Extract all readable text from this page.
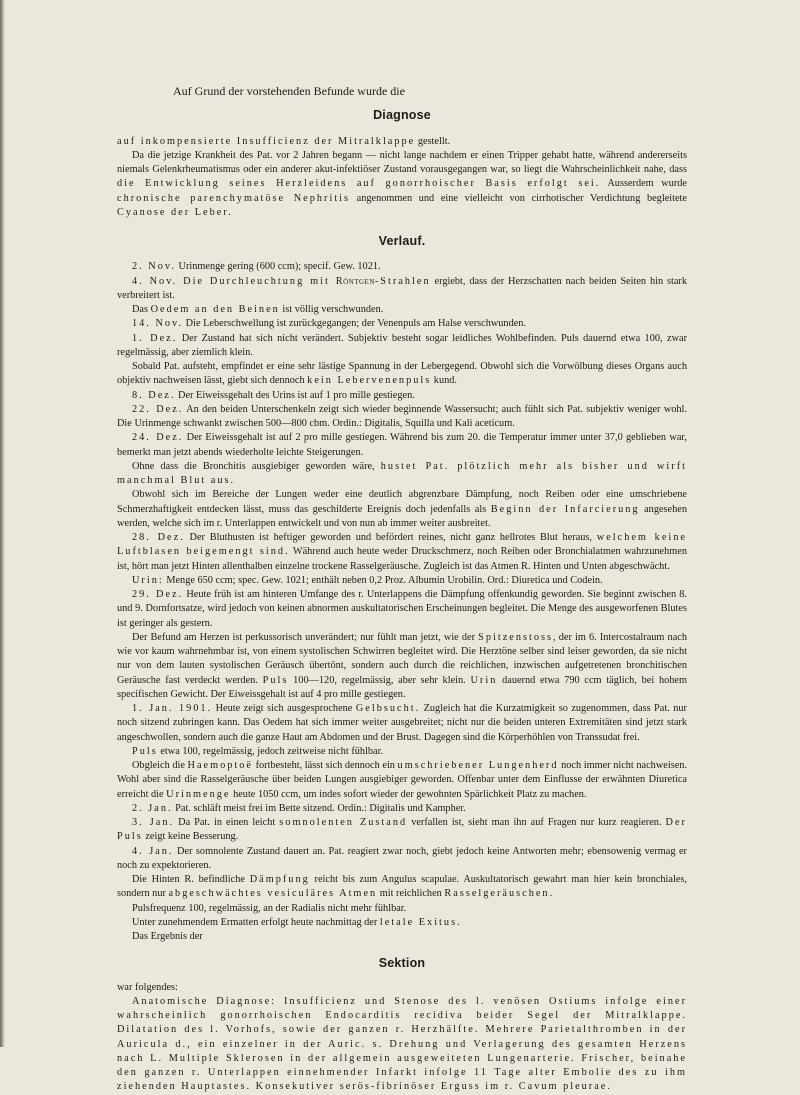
Auf Grund der vorstehenden Befunde wurde die

Diagnose

auf inkompensierte Insufficienz der Mitralklappe gestellt.

Da die jetzige Krankheit des Pat. vor 2 Jahren begann — nicht lange nachdem er einen Tripper gehabt hatte, während andererseits niemals Gelenkrheumatismus oder ein anderer akut-infektiöser Zustand vorausgegangen war, so liegt die Wahrscheinlichkeit nahe, dass die Entwicklung seines Herzleidens auf gonorrhoischer Basis erfolgt sei. Ausserdem wurde chronische parenchymatöse Nephritis angenommen und eine vielleicht von cirrhotischer Verdichtung begleitete Cyanose der Leber.

Verlauf.

2. Nov. Urinmenge gering (600 ccm); specif. Gew. 1021.

4. Nov. Die Durchleuchtung mit Röntgen-Strahlen ergiebt, dass der Herzschatten nach beiden Seiten hin stark verbreitert ist.

Das Oedem an den Beinen ist völlig verschwunden.

14. Nov. Die Leberschwellung ist zurückgegangen; der Venenpuls am Halse verschwunden.

1. Dez. Der Zustand hat sich nicht verändert. Subjektiv besteht sogar leidliches Wohlbefinden. Puls dauernd etwa 100, zwar regelmässig, aber ziemlich klein.

Sobald Pat. aufsteht, empfindet er eine sehr lästige Spannung in der Lebergegend. Obwohl sich die Vorwölbung dieses Organs auch objektiv nachweisen lässt, giebt sich dennoch kein Lebervenenpuls kund.

8. Dez. Der Eiweissgehalt des Urins ist auf 1 pro mille gestiegen.

22. Dez. An den beiden Unterschenkeln zeigt sich wieder beginnende Wassersucht; auch fühlt sich Pat. subjektiv weniger wohl. Die Urinmenge schwankt zwischen 500—800 cbm. Ordin.: Digitalis, Squilla und Kali aceticum.

24. Dez. Der Eiweissgehalt ist auf 2 pro mille gestiegen. Während bis zum 20. die Temperatur immer unter 37,0 geblieben war, bemerkt man jetzt abends wiederholte leichte Steigerungen.

Ohne dass die Bronchitis ausgiebiger geworden wäre, hustet Pat. plötzlich mehr als bisher und wirft manchmal Blut aus.

Obwohl sich im Bereiche der Lungen weder eine deutlich abgrenzbare Dämpfung, noch Reiben oder eine umschriebene Schmerzhaftigkeit entdecken lässt, muss das geschilderte Ereignis doch jedenfalls als Beginn der Infarcierung angesehen werden, welche sich im r. Unterlappen entwickelt und von nun ab immer weiter ausbreitet.

28. Dez. Der Bluthusten ist heftiger geworden und befördert reines, nicht ganz hellrotes Blut heraus, welchem keine Luftblasen beigemengt sind. Während auch heute weder Druckschmerz, noch Reiben oder Bronchialatmen wahrzunehmen ist, hört man jetzt Hinten allenthalben einzelne trockene Rasselgeräusche. Zugleich ist das Atmen R. Hinten und Unten abgeschwächt.

Urin: Menge 650 ccm; spec. Gew. 1021; enthält neben 0,2 Proz. Albumin Urobilin. Ord.: Diuretica und Codein.

29. Dez. Heute früh ist am hinteren Umfange des r. Unterlappens die Dämpfung offenkundig geworden. Sie beginnt zwischen 8. und 9. Dornfortsatze, wird jedoch von keinen abnormen auskultatorischen Erscheinungen begleitet. Die Menge des ausgeworfenen Blutes ist geringer als gestern.

Der Befund am Herzen ist perkussorisch unverändert; nur fühlt man jetzt, wie der Spitzenstoss, der im 6. Intercostalraum nach wie vor kaum wahrnehmbar ist, von einem systolischen Schwirren begleitet wird. Die Herztöne selber sind leiser geworden, da sie nicht nur von dem lauten systolischen Geräusch übertönt, sondern auch durch die reichlichen, inzwischen aufgetretenen bronchitischen Geräusche fast verdeckt werden. Puls 100—120, regelmässig, aber sehr klein. Urin dauernd etwa 790 ccm täglich, bei hohem specifischen Gewicht. Der Eiweissgehalt ist auf 4 pro mille gestiegen.

1. Jan. 1901. Heute zeigt sich ausgesprochene Gelbsucht. Zugleich hat die Kurzatmigkeit so zugenommen, dass Pat. nur noch sitzend zubringen kann. Das Oedem hat sich immer weiter ausgebreitet; nicht nur die beiden unteren Extremitäten sind jetzt stark angeschwollen, sondern auch die ganze Haut am Abdomen und der Brust. Dagegen sind die Körperhöhlen von Transsudat frei.

Puls etwa 100, regelmässig, jedoch zeitweise nicht fühlbar.

Obgleich die Haemoptoë fortbesteht, lässt sich dennoch ein umschriebener Lungenherd noch immer nicht nachweisen. Wohl aber sind die Rasselgeräusche über beiden Lungen ausgiebiger geworden. Offenbar unter dem Einflusse der erwähnten Diuretica erreicht die Urinmenge heute 1050 ccm, um indes sofort wieder der gewohnten Spärlichkeit Platz zu machen.

2. Jan. Pat. schläft meist frei im Bette sitzend. Ordin.: Digitalis und Kampher.

3. Jan. Da Pat. in einen leicht somnolenten Zustand verfallen ist, sieht man ihn auf Fragen nur kurz reagieren. Der Puls zeigt keine Besserung.

4. Jan. Der somnolente Zustand dauert an. Pat. reagiert zwar noch, giebt jedoch keine Antworten mehr; ebensowenig vermag er noch zu expektorieren.

Die Hinten R. befindliche Dämpfung reicht bis zum Angulus scapulae. Auskultatorisch gewahrt man hier kein bronchiales, sondern nur abgeschwächtes vesiculäres Atmen mit reichlichen Rasselgeräuschen.

Pulsfrequenz 100, regelmässig, an der Radialis nicht mehr fühlbar.

Unter zunehmendem Ermatten erfolgt heute nachmittag der letale Exitus.

Das Ergebnis der

Sektion

war folgendes:

Anatomische Diagnose: Insufficienz und Stenose des l. venösen Ostiums infolge einer wahrscheinlich gonorrhoischen Endocarditis recidiva beider Segel der Mitralklappe. Dilatation des l. Vorhofs, sowie der ganzen r. Herzhälfte. Mehrere Parietalthromben in der Auricula d., ein einzelner in der Auric. s. Drehung und Verlagerung des gesamten Herzens nach L. Multiple Sklerosen in der allgemein ausgeweiteten Lungenarterie. Frischer, beinahe den ganzen r. Unterlappen einnehmender Infarkt infolge 11 Tage alter Embolie des zu ihm ziehenden Hauptastes. Konsekutiver serös-fibrinöser Erguss im r. Cavum pleurae.
